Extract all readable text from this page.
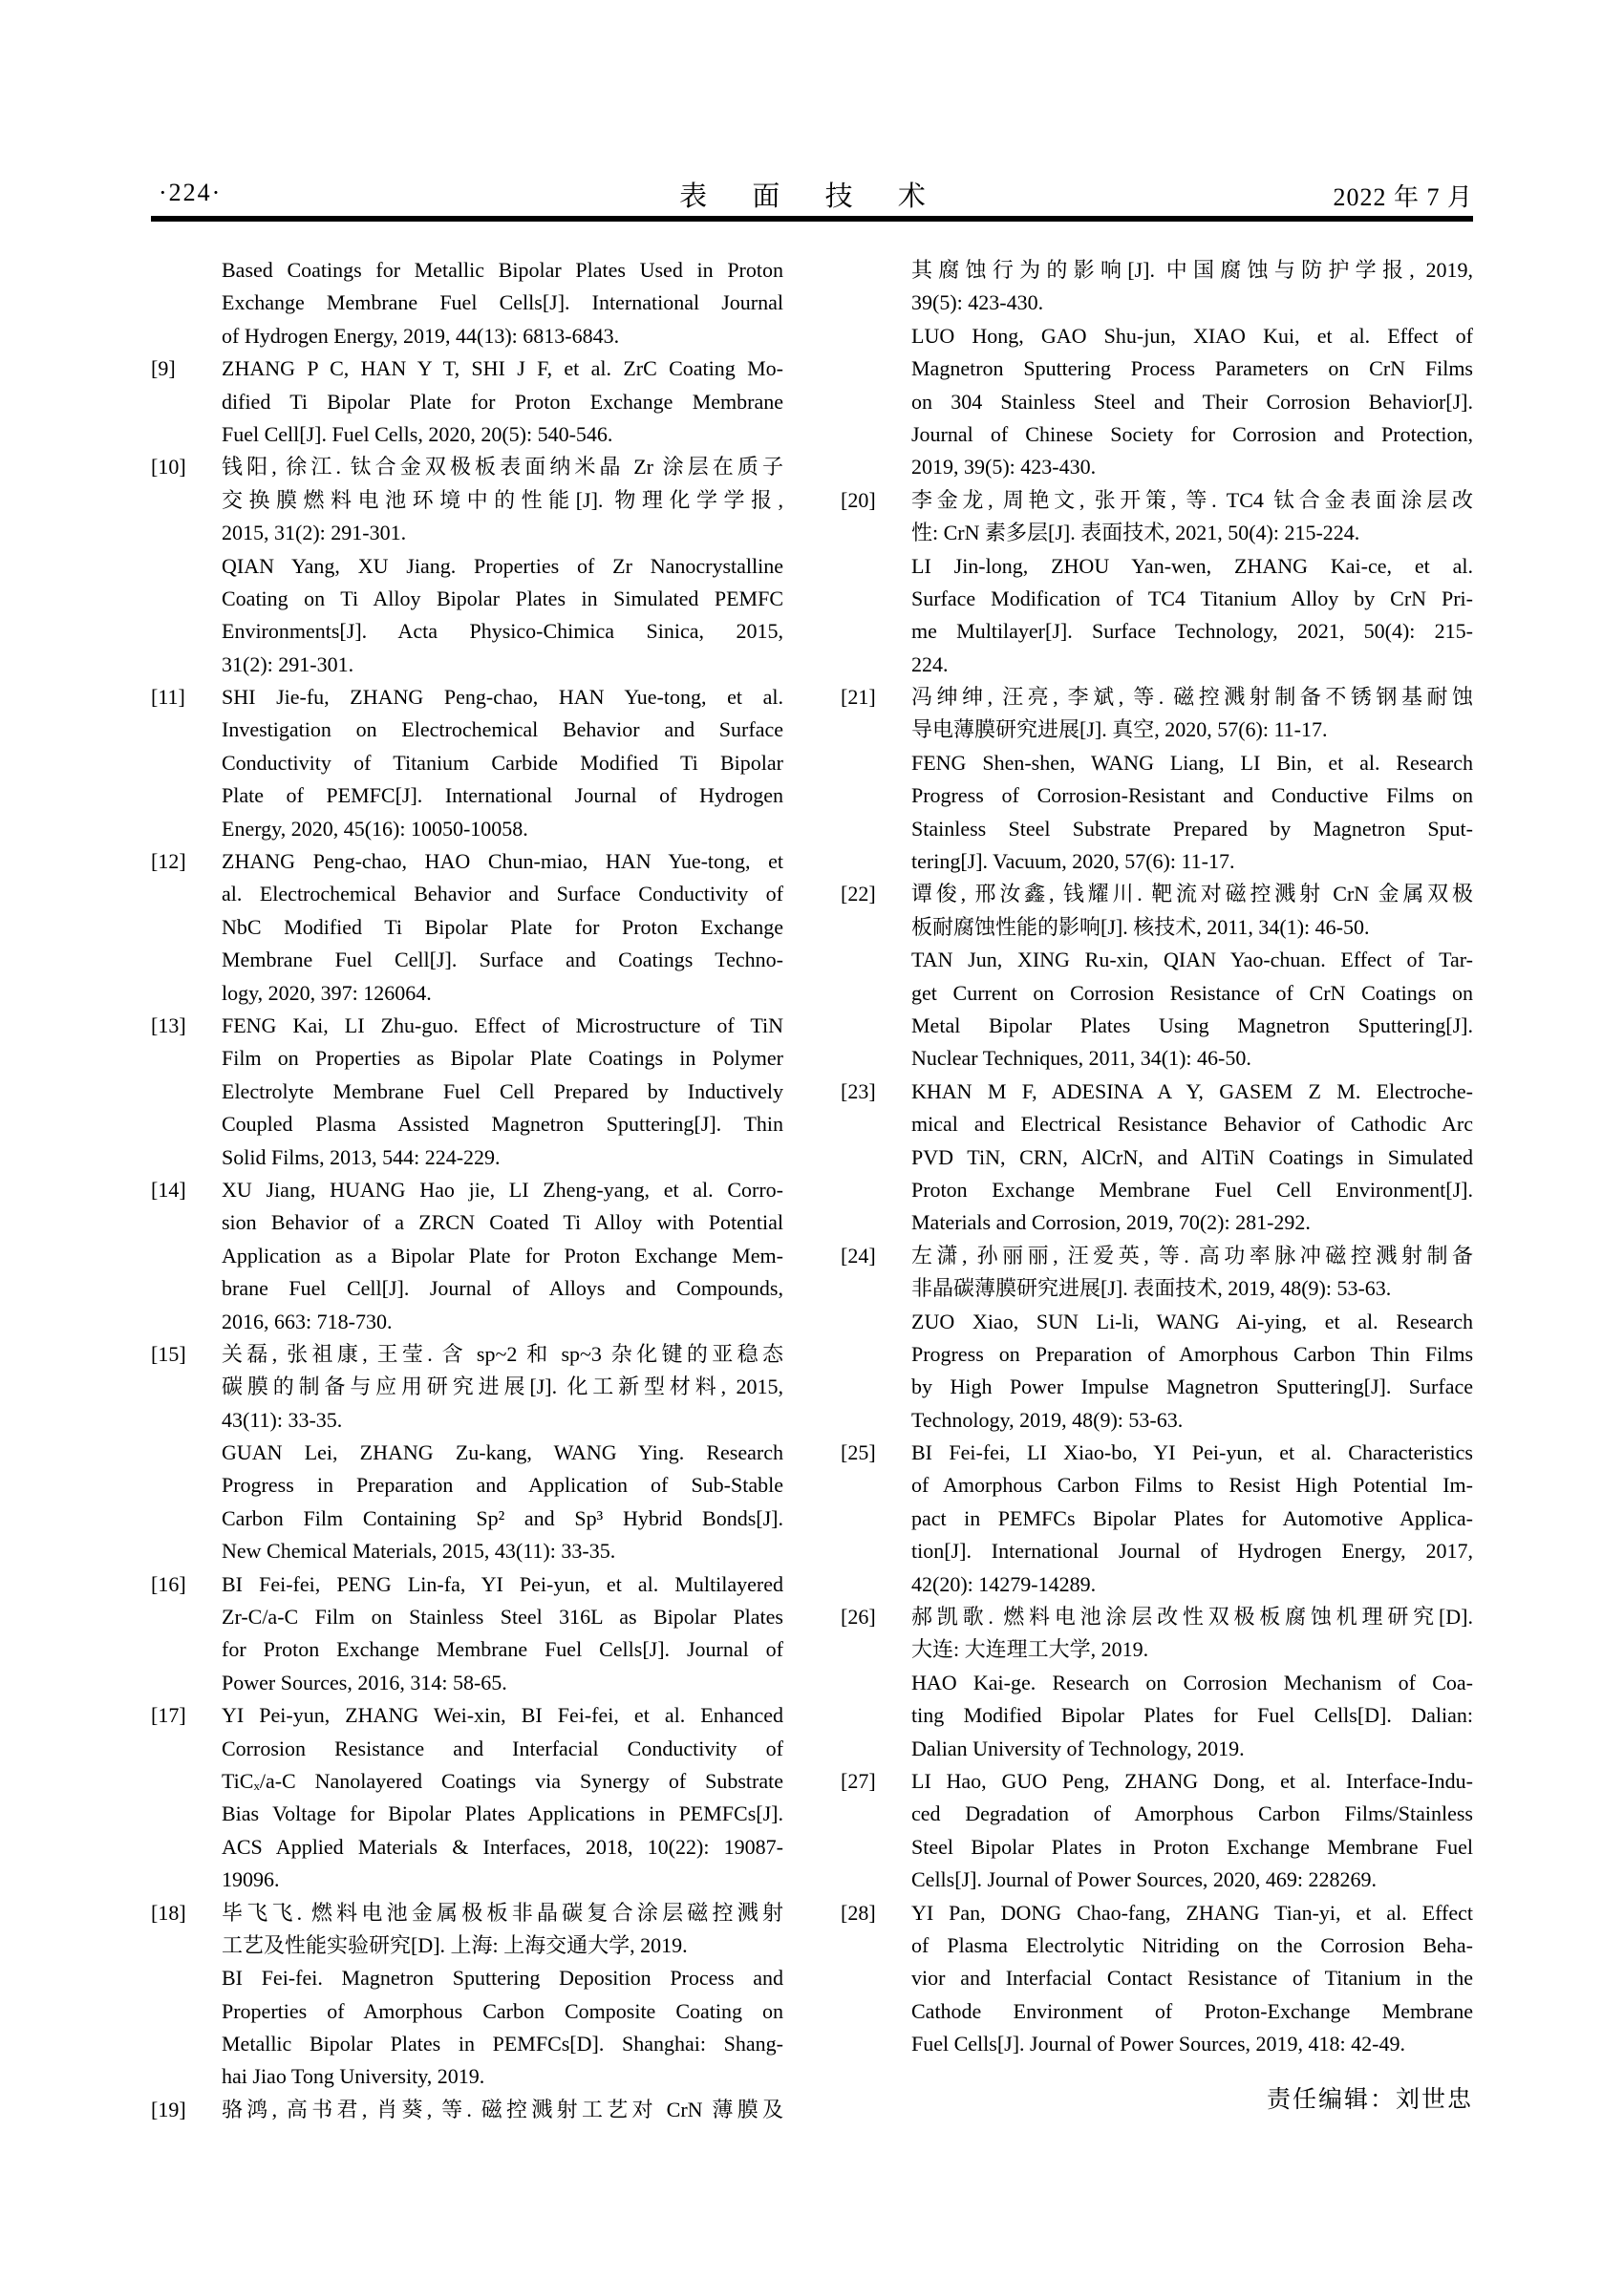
·224·	表 面 技 术	2022 年 7 月
Based Coatings for Metallic Bipolar Plates Used in Proton
Exchange Membrane Fuel Cells[J]. International Journal
of Hydrogen Energy, 2019, 44(13): 6813-6843.
[9]	ZHANG P C, HAN Y T, SHI J F, et al. ZrC Coating Mo-
dified Ti Bipolar Plate for Proton Exchange Membrane
Fuel Cell[J]. Fuel Cells, 2020, 20(5): 540-546.
[10]	钱阳, 徐江. 钛合金双极板表面纳米晶 Zr 涂层在质子
交换膜燃料电池环境中的性能[J]. 物理化学学报,
2015, 31(2): 291-301.
QIAN Yang, XU Jiang. Properties of Zr Nanocrystalline
Coating on Ti Alloy Bipolar Plates in Simulated PEMFC
Environments[J]. Acta Physico-Chimica Sinica, 2015,
31(2): 291-301.
[11]	SHI Jie-fu, ZHANG Peng-chao, HAN Yue-tong, et al.
Investigation on Electrochemical Behavior and Surface
Conductivity of Titanium Carbide Modified Ti Bipolar
Plate of PEMFC[J]. International Journal of Hydrogen
Energy, 2020, 45(16): 10050-10058.
[12]	ZHANG Peng-chao, HAO Chun-miao, HAN Yue-tong, et
al. Electrochemical Behavior and Surface Conductivity of
NbC Modified Ti Bipolar Plate for Proton Exchange
Membrane Fuel Cell[J]. Surface and Coatings Techno-
logy, 2020, 397: 126064.
[13]	FENG Kai, LI Zhu-guo. Effect of Microstructure of TiN
Film on Properties as Bipolar Plate Coatings in Polymer
Electrolyte Membrane Fuel Cell Prepared by Inductively
Coupled Plasma Assisted Magnetron Sputtering[J]. Thin
Solid Films, 2013, 544: 224-229.
[14]	XU Jiang, HUANG Hao jie, LI Zheng-yang, et al. Corro-
sion Behavior of a ZRCN Coated Ti Alloy with Potential
Application as a Bipolar Plate for Proton Exchange Mem-
brane Fuel Cell[J]. Journal of Alloys and Compounds,
2016, 663: 718-730.
[15]	关磊, 张祖康, 王莹. 含 sp~2 和 sp~3 杂化键的亚稳态
碳膜的制备与应用研究进展[J]. 化工新型材料, 2015,
43(11): 33-35.
GUAN Lei, ZHANG Zu-kang, WANG Ying. Research
Progress in Preparation and Application of Sub-Stable
Carbon Film Containing Sp² and Sp³ Hybrid Bonds[J].
New Chemical Materials, 2015, 43(11): 33-35.
[16]	BI Fei-fei, PENG Lin-fa, YI Pei-yun, et al. Multilayered
Zr-C/a-C Film on Stainless Steel 316L as Bipolar Plates
for Proton Exchange Membrane Fuel Cells[J]. Journal of
Power Sources, 2016, 314: 58-65.
[17]	YI Pei-yun, ZHANG Wei-xin, BI Fei-fei, et al. Enhanced
Corrosion Resistance and Interfacial Conductivity of
TiCₓ/a-C Nanolayered Coatings via Synergy of Substrate
Bias Voltage for Bipolar Plates Applications in PEMFCs[J].
ACS Applied Materials & Interfaces, 2018, 10(22): 19087-
19096.
[18]	毕飞飞. 燃料电池金属极板非晶碳复合涂层磁控溅射
工艺及性能实验研究[D]. 上海: 上海交通大学, 2019.
BI Fei-fei. Magnetron Sputtering Deposition Process and
Properties of Amorphous Carbon Composite Coating on
Metallic Bipolar Plates in PEMFCs[D]. Shanghai: Shang-
hai Jiao Tong University, 2019.
[19]	骆鸿, 高书君, 肖葵, 等. 磁控溅射工艺对 CrN 薄膜及
其腐蚀行为的影响[J]. 中国腐蚀与防护学报, 2019,
39(5): 423-430.
LUO Hong, GAO Shu-jun, XIAO Kui, et al. Effect of
Magnetron Sputtering Process Parameters on CrN Films
on 304 Stainless Steel and Their Corrosion Behavior[J].
Journal of Chinese Society for Corrosion and Protection,
2019, 39(5): 423-430.
[20]	李金龙, 周艳文, 张开策, 等. TC4 钛合金表面涂层改
性: CrN 素多层[J]. 表面技术, 2021, 50(4): 215-224.
LI Jin-long, ZHOU Yan-wen, ZHANG Kai-ce, et al.
Surface Modification of TC4 Titanium Alloy by CrN Pri-
me Multilayer[J]. Surface Technology, 2021, 50(4): 215-
224.
[21]	冯绅绅, 汪亮, 李斌, 等. 磁控溅射制备不锈钢基耐蚀
导电薄膜研究进展[J]. 真空, 2020, 57(6): 11-17.
FENG Shen-shen, WANG Liang, LI Bin, et al. Research
Progress of Corrosion-Resistant and Conductive Films on
Stainless Steel Substrate Prepared by Magnetron Sput-
tering[J]. Vacuum, 2020, 57(6): 11-17.
[22]	谭俊, 邢汝鑫, 钱耀川. 靶流对磁控溅射 CrN 金属双极
板耐腐蚀性能的影响[J]. 核技术, 2011, 34(1): 46-50.
TAN Jun, XING Ru-xin, QIAN Yao-chuan. Effect of Tar-
get Current on Corrosion Resistance of CrN Coatings on
Metal Bipolar Plates Using Magnetron Sputtering[J].
Nuclear Techniques, 2011, 34(1): 46-50.
[23]	KHAN M F, ADESINA A Y, GASEM Z M. Electroche-
mical and Electrical Resistance Behavior of Cathodic Arc
PVD TiN, CRN, AlCrN, and AlTiN Coatings in Simulated
Proton Exchange Membrane Fuel Cell Environment[J].
Materials and Corrosion, 2019, 70(2): 281-292.
[24]	左潇, 孙丽丽, 汪爱英, 等. 高功率脉冲磁控溅射制备
非晶碳薄膜研究进展[J]. 表面技术, 2019, 48(9): 53-63.
ZUO Xiao, SUN Li-li, WANG Ai-ying, et al. Research
Progress on Preparation of Amorphous Carbon Thin Films
by High Power Impulse Magnetron Sputtering[J]. Surface
Technology, 2019, 48(9): 53-63.
[25]	BI Fei-fei, LI Xiao-bo, YI Pei-yun, et al. Characteristics
of Amorphous Carbon Films to Resist High Potential Im-
pact in PEMFCs Bipolar Plates for Automotive Applica-
tion[J]. International Journal of Hydrogen Energy, 2017,
42(20): 14279-14289.
[26]	郝凯歌. 燃料电池涂层改性双极板腐蚀机理研究[D].
大连: 大连理工大学, 2019.
HAO Kai-ge. Research on Corrosion Mechanism of Coa-
ting Modified Bipolar Plates for Fuel Cells[D]. Dalian:
Dalian University of Technology, 2019.
[27]	LI Hao, GUO Peng, ZHANG Dong, et al. Interface-Indu-
ced Degradation of Amorphous Carbon Films/Stainless
Steel Bipolar Plates in Proton Exchange Membrane Fuel
Cells[J]. Journal of Power Sources, 2020, 469: 228269.
[28]	YI Pan, DONG Chao-fang, ZHANG Tian-yi, et al. Effect
of Plasma Electrolytic Nitriding on the Corrosion Beha-
vior and Interfacial Contact Resistance of Titanium in the
Cathode Environment of Proton-Exchange Membrane
Fuel Cells[J]. Journal of Power Sources, 2019, 418: 42-49.
责任编辑：刘世忠
